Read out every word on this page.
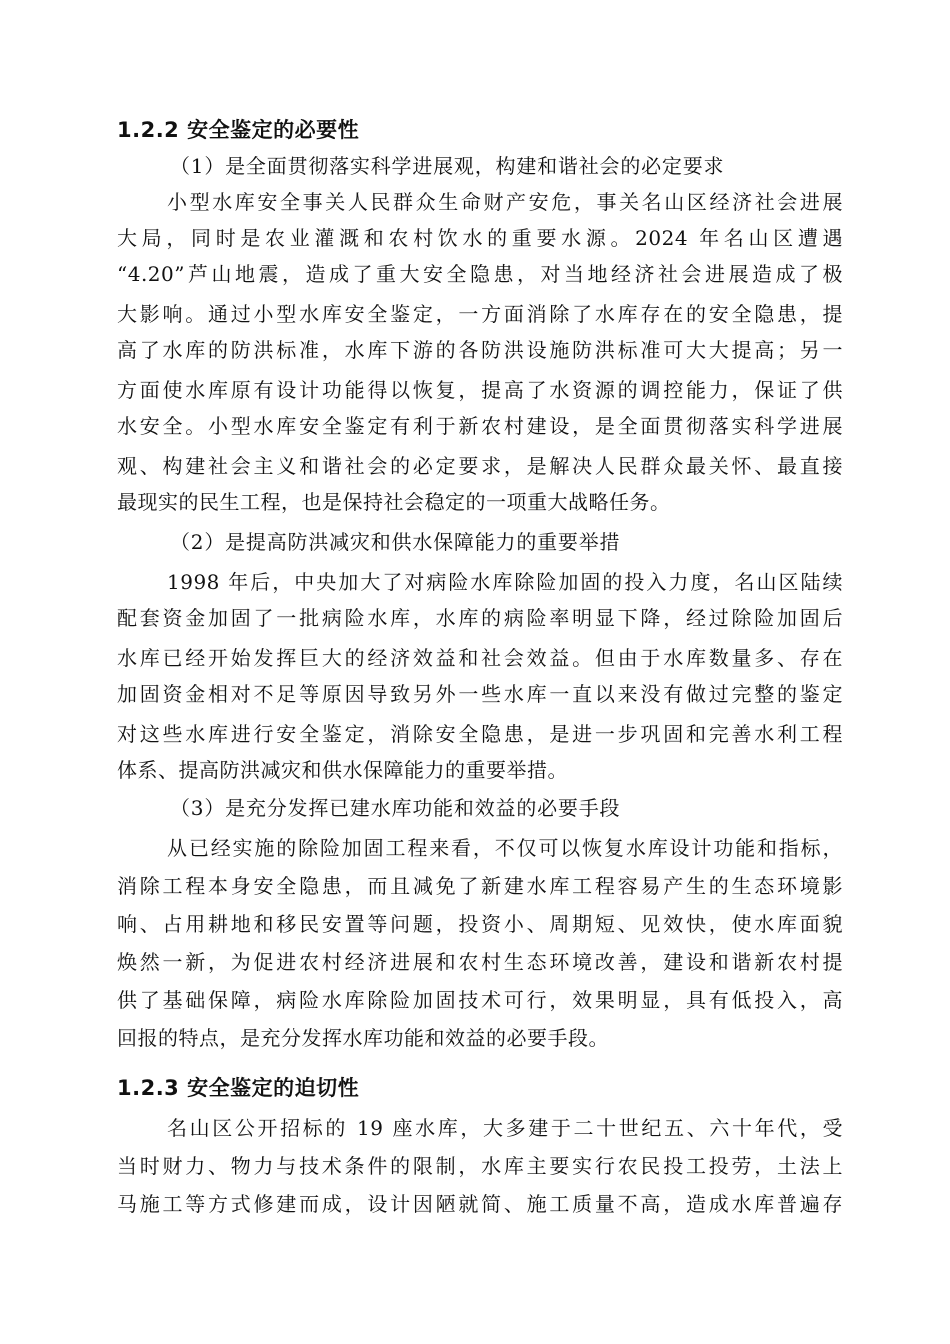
1.2.2 安全鉴定的必要性
（1）是全面贯彻落实科学进展观，构建和谐社会的必定要求
小型水库安全事关人民群众生命财产安危，事关名山区经济社会进展
大局，同时是农业灌溉和农村饮水的重要水源。2024 年名山区遭遇
“4.20”芦山地震，造成了重大安全隐患，对当地经济社会进展造成了极
大影响。通过小型水库安全鉴定，一方面消除了水库存在的安全隐患，提
高了水库的防洪标准，水库下游的各防洪设施防洪标准可大大提高；另一
方面使水库原有设计功能得以恢复，提高了水资源的调控能力，保证了供
水安全。小型水库安全鉴定有利于新农村建设，是全面贯彻落实科学进展
观、构建社会主义和谐社会的必定要求，是解决人民群众最关怀、最直接
最现实的民生工程，也是保持社会稳定的一项重大战略任务。
（2）是提高防洪减灾和供水保障能力的重要举措
1998 年后，中央加大了对病险水库除险加固的投入力度，名山区陆续
配套资金加固了一批病险水库，水库的病险率明显下降，经过除险加固后
水库已经开始发挥巨大的经济效益和社会效益。但由于水库数量多、存在
加固资金相对不足等原因导致另外一些水库一直以来没有做过完整的鉴定
对这些水库进行安全鉴定，消除安全隐患，是进一步巩固和完善水利工程
体系、提高防洪减灾和供水保障能力的重要举措。
（3）是充分发挥已建水库功能和效益的必要手段
从已经实施的除险加固工程来看，不仅可以恢复水库设计功能和指标，
消除工程本身安全隐患，而且减免了新建水库工程容易产生的生态环境影
响、占用耕地和移民安置等问题，投资小、周期短、见效快，使水库面貌
焕然一新，为促进农村经济进展和农村生态环境改善，建设和谐新农村提
供了基础保障，病险水库除险加固技术可行，效果明显，具有低投入，高
回报的特点，是充分发挥水库功能和效益的必要手段。
1.2.3 安全鉴定的迫切性
名山区公开招标的 19 座水库，大多建于二十世纪五、六十年代，受
当时财力、物力与技术条件的限制，水库主要实行农民投工投劳，土法上
马施工等方式修建而成，设计因陋就简、施工质量不高，造成水库普遍存
